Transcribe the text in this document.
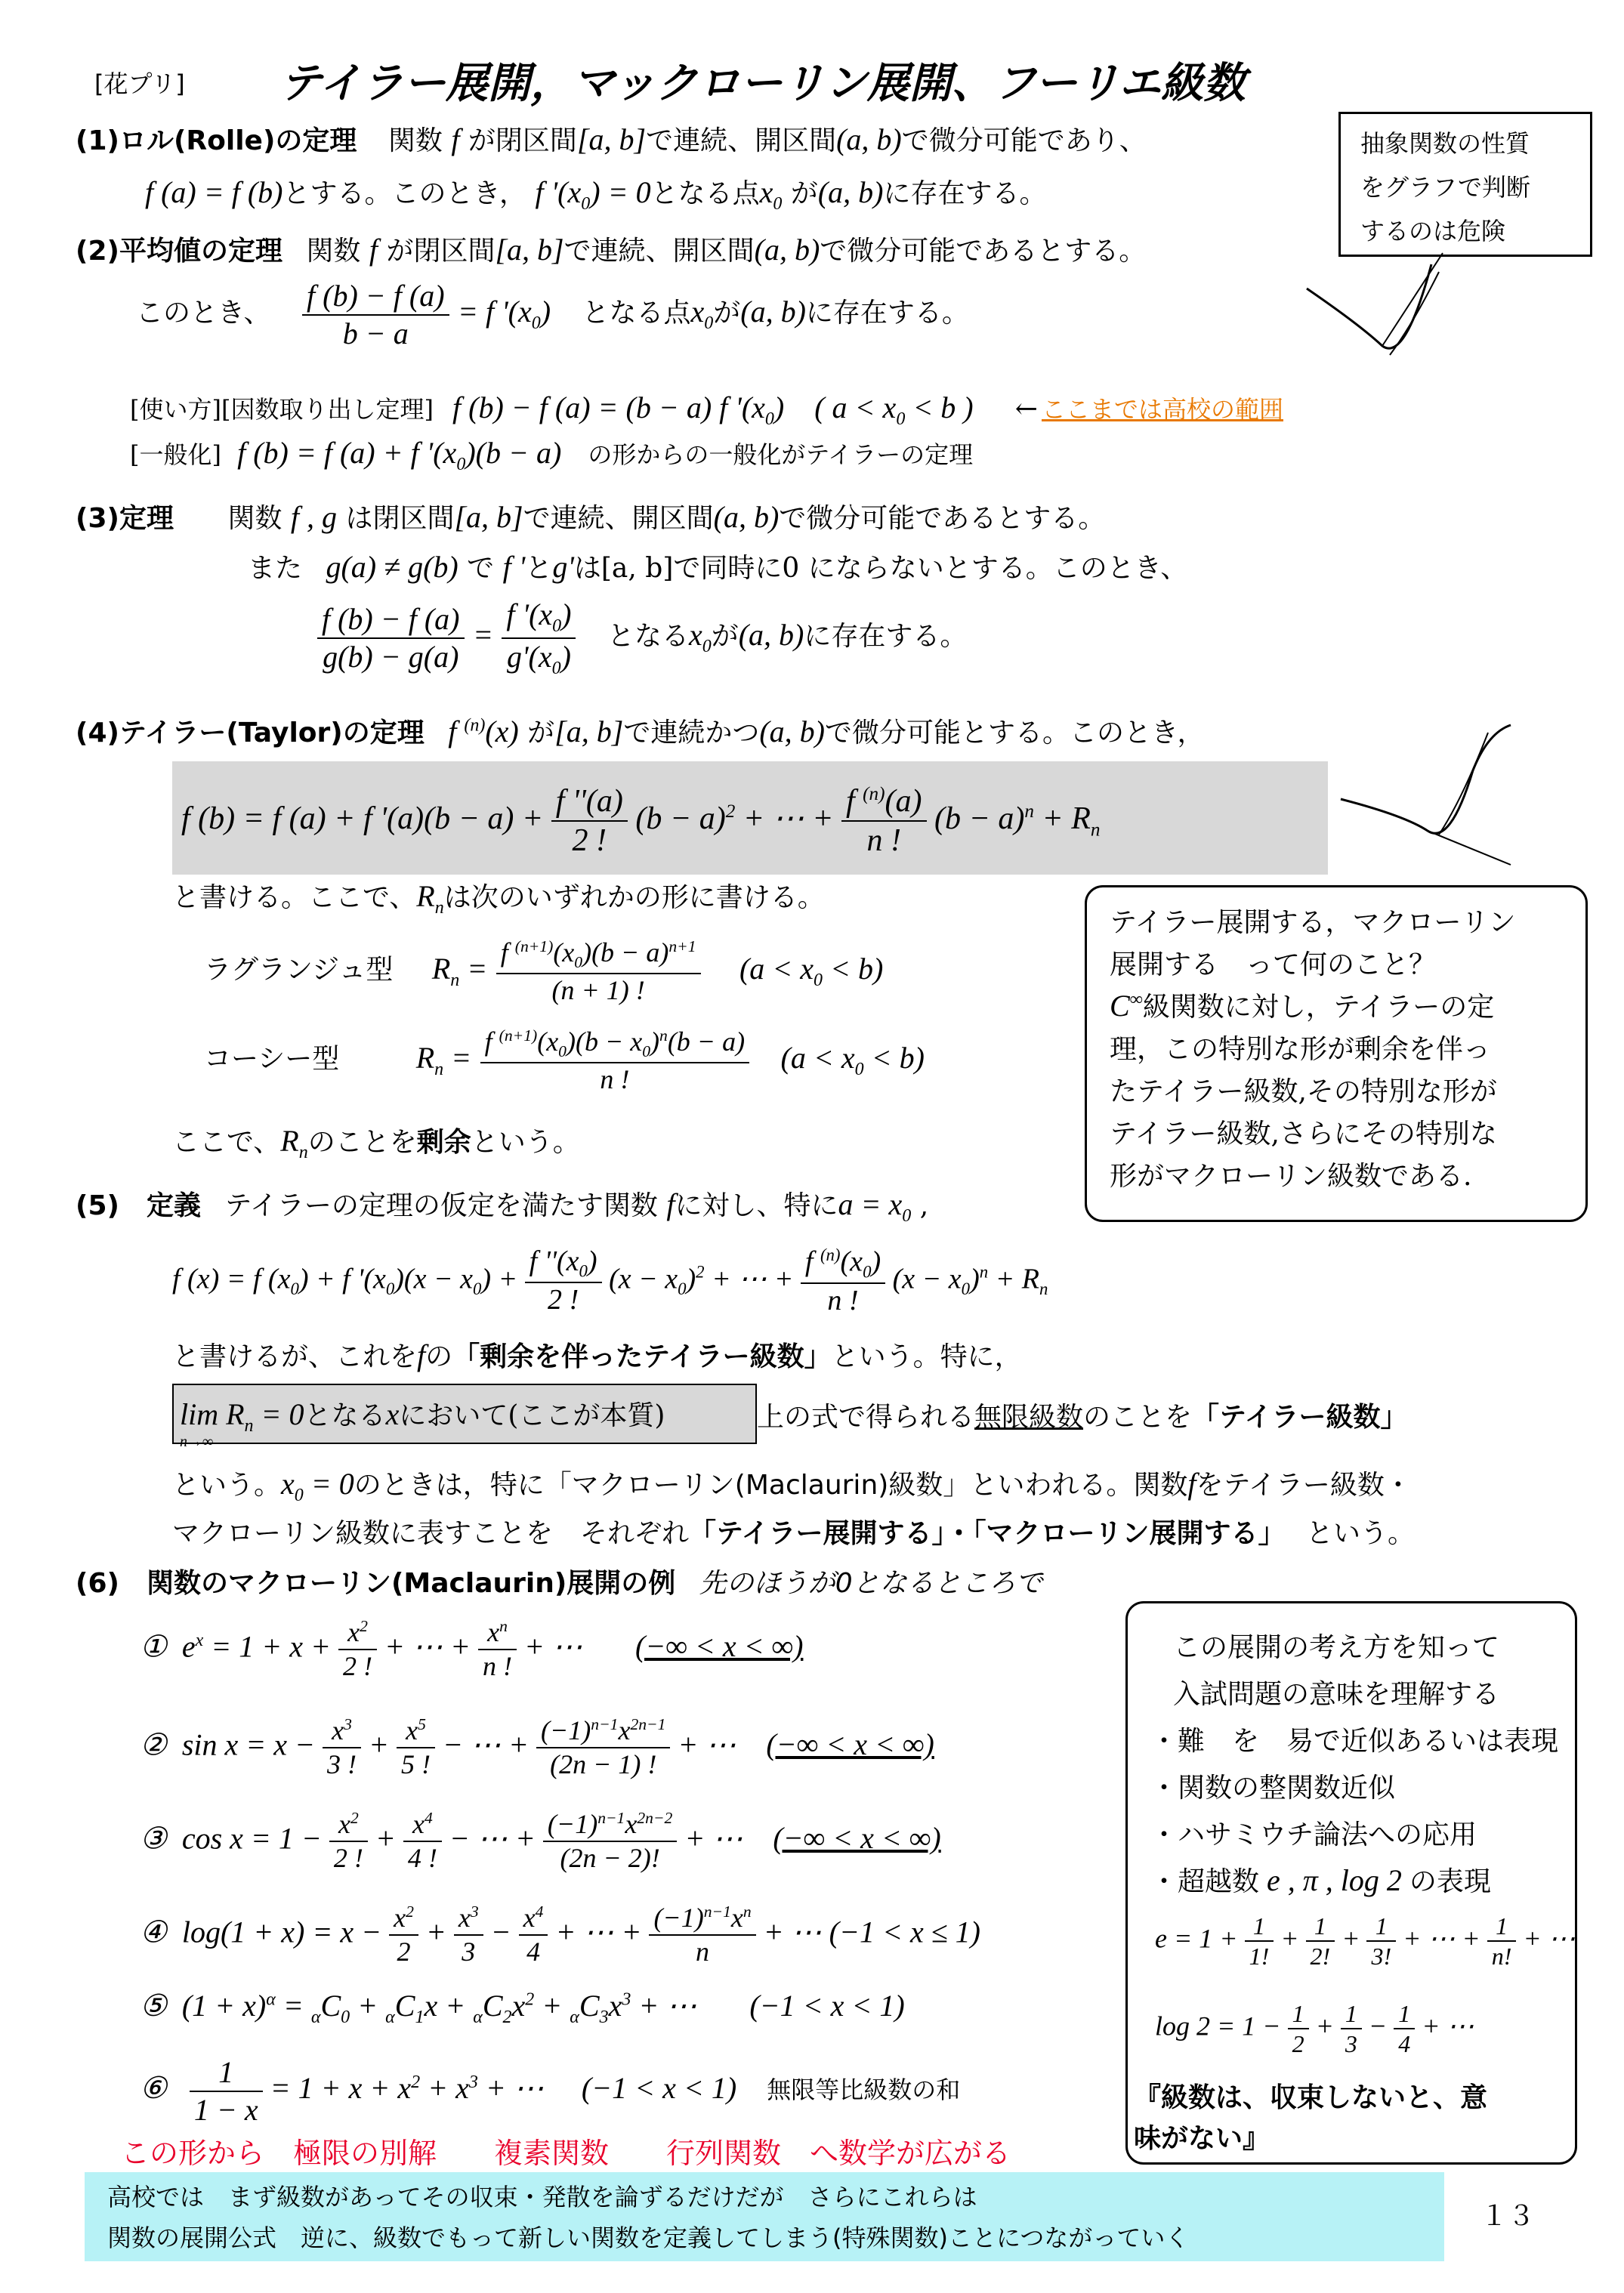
[花プリ] テイラー展開，マックローリン展開、フーリエ級数
(1)ロル(Rolle)の定理 関数 f が閉区間[a, b]で連続、開区間(a, b)で微分可能であり、
f (a) = f (b)とする。このとき， f '$(x_0) = 0$となる点$x_0$ が(a, b)に存在する。
抽象関数の性質
をグラフで判断
するのは危険
(2)平均値の定理 関数 f が閉区間[a, b]で連続、開区間(a, b)で微分可能であるとする。
このとき、 $\frac{f (b) - f (a)}{b - a} = f$ '$(x_0)$ となる点$x_0$が(a, b)に存在する。
[使い方][因数取り出し定理] f (b) − f (a) = (b − a) f '$(x_0)$　( $a < x_0 < b$ ) ← ここまでは高校の範囲
[一般化] f (b) = f (a) + f '$(x_0)(b - a)$ の形からの一般化がテイラーの定理
(3)定理 関数 f , g は閉区間[a, b]で連続、開区間(a, b)で微分可能であるとする。
また g(a) ≠ g(b) で f 'とg'は[a, b]で同時に0 にならないとする。このとき、
$\frac{f (b) - f (a)}{g(b) - g(a)} = \frac{f '(x_0)}{g'(x_0)}$ となる$x_0$が(a, b)に存在する。
(4)テイラー(Taylor)の定理 f $^{(n)}$(x) が[a, b]で連続かつ(a, b)で微分可能とする。このとき，
f (b) = f (a) + f '$(a)(b - a) + \frac{f ''(a)}{2 !} (b - a)^2$ + ⋯ + $\frac{f ^{(n)}(a)}{n !} (b - a)^n + R_n$
と書ける。ここで、$R_n$は次のいずれかの形に書ける。
ラグランジュ型 $R_n = \frac{f ^{(n+1)}(x_0)(b - a)^{n+1}}{(n + 1) !} (a < x_0 < b)$
コーシー型	$R_n = \frac{f ^{(n+1)}(x_0)(b - x_0)^n(b - a)}{n !} (a < x_0 < b)$
ここで、$R_n$のことを剰余という。
テイラー展開する，マクローリン
展開する　って何のこと？
C∞級関数に対し，テイラーの定
理，この特別な形が剰余を伴っ
たテイラー級数,その特別な形が
テイラー級数,さらにその特別な
形がマクローリン級数である.
(5)　定義 テイラーの定理の仮定を満たす関数 fに対し、特に$a = x_0$ ,
f (x) = f $(x_0) + f$ '$(x_0)(x - x_0) + \frac{f ''(x_0)}{2 !} (x - x_0)^2$ + ⋯ + $\frac{f ^{(n)}(x_0)}{n !} (x - x_0)^n + R_n$
と書けるが、これをfの「剰余を伴ったテイラー級数」という。特に，
$\lim R_n = 0$となるxにおいて(ここが本質)
n→∞
上の式で得られる無限級数のことを「テイラー級数」
という。$x_0 = 0$のときは，特に「マクローリン(Maclaurin)級数」といわれる。関数fをテイラー級数・
マクローリン級数に表すことを　それぞれ「テイラー展開する」・「マクローリン展開する」 という。
(6)　関数のマクローリン(Maclaurin)展開の例 先のほうが0となるところで
①  $e^x = 1 + x + \frac{x^2}{2 !}$ + ⋯ + $\frac{x^n}{n !}$ + ⋯ (−∞ < x < ∞)
②  $\sin x = x - \frac{x^3}{3 !} + \frac{x^5}{5 !}$ − ⋯ + $\frac{(-1)^{n-1}x^{2n-1}}{(2n - 1) !}$ + ⋯ (−∞ < x < ∞)
③  $\cos x = 1 - \frac{x^2}{2 !} + \frac{x^4}{4 !}$ − ⋯ + $\frac{(-1)^{n-1}x^{2n-2}}{(2n - 2)!}$ + ⋯ (−∞ < x < ∞)
④  $\log(1 + x) = x - \frac{x^2}{2} + \frac{x^3}{3} - \frac{x^4}{4}$ + ⋯ + $\frac{(-1)^{n-1}x^n}{n}$ + ⋯ (−1 < x ≤ 1)
⑤  $(1 + x)^\alpha = _\alpha C_0 + _\alpha C_1x + _\alpha C_2x^2 + _\alpha C_3x^3$ + ⋯ (−1 < x < 1)
⑥ $\frac{1}{1 - x} = 1 + x + x^2 + x^3$ + ⋯ (−1 < x < 1) 無限等比級数の和
この展開の考え方を知って
入試問題の意味を理解する
・難　を　易で近似あるいは表現
・関数の整関数近似
・ハサミウチ論法への応用
・超越数 e , π , log 2 の表現
$e = 1 + \frac{1}{1!} + \frac{1}{2!} + \frac{1}{3!}$ + ⋯ + $\frac{1}{n!}$ + ⋯
$\log 2 = 1 - \frac{1}{2} + \frac{1}{3} - \frac{1}{4}$ + ⋯
『級数は、収束しないと、意
味がない』
この形から　極限の別解　　複素関数　　行列関数　へ数学が広がる
高校では　まず級数があってその収束・発散を論ずるだけだが　さらにこれらは
関数の展開公式　逆に、級数でもって新しい関数を定義してしまう(特殊関数)ことにつながっていく
１３
